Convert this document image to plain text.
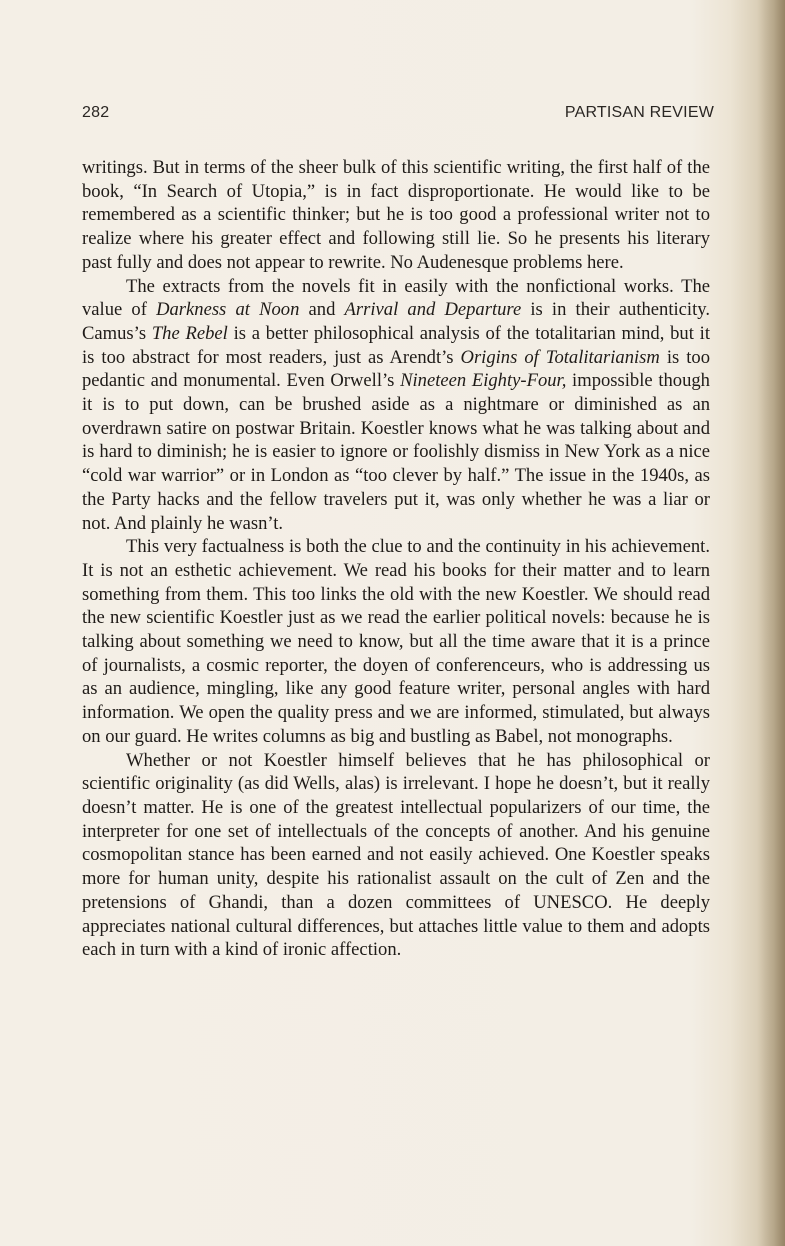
282	PARTISAN REVIEW

writings. But in terms of the sheer bulk of this scientific writing, the first half of the book, “In Search of Utopia,” is in fact disproportionate. He would like to be remembered as a scientific thinker; but he is too good a professional writer not to realize where his greater effect and following still lie. So he presents his literary past fully and does not appear to rewrite. No Audenesque problems here.

The extracts from the novels fit in easily with the nonfictional works. The value of Darkness at Noon and Arrival and Departure is in their authenticity. Camus’s The Rebel is a better philosophical analysis of the totalitarian mind, but it is too abstract for most readers, just as Arendt’s Origins of Totalitarianism is too pedantic and monumental. Even Orwell’s Nineteen Eighty-Four, impossible though it is to put down, can be brushed aside as a nightmare or diminished as an overdrawn satire on postwar Britain. Koestler knows what he was talking about and is hard to diminish; he is easier to ignore or foolishly dismiss in New York as a nice “cold war warrior” or in London as “too clever by half.” The issue in the 1940s, as the Party hacks and the fellow travelers put it, was only whether he was a liar or not. And plainly he wasn’t.

This very factualness is both the clue to and the continuity in his achievement. It is not an esthetic achievement. We read his books for their matter and to learn something from them. This too links the old with the new Koestler. We should read the new scientific Koestler just as we read the earlier political novels: because he is talking about something we need to know, but all the time aware that it is a prince of journalists, a cosmic reporter, the doyen of conferenceurs, who is addressing us as an audience, mingling, like any good feature writer, personal angles with hard information. We open the quality press and we are informed, stimulated, but always on our guard. He writes columns as big and bustling as Babel, not monographs.

Whether or not Koestler himself believes that he has philosophical or scientific originality (as did Wells, alas) is irrelevant. I hope he doesn’t, but it really doesn’t matter. He is one of the greatest intellectual popularizers of our time, the interpreter for one set of intellectuals of the concepts of another. And his genuine cosmopolitan stance has been earned and not easily achieved. One Koestler speaks more for human unity, despite his rationalist assault on the cult of Zen and the pretensions of Ghandi, than a dozen committees of UNESCO. He deeply appreciates national cultural differences, but attaches little value to them and adopts each in turn with a kind of ironic affection.
